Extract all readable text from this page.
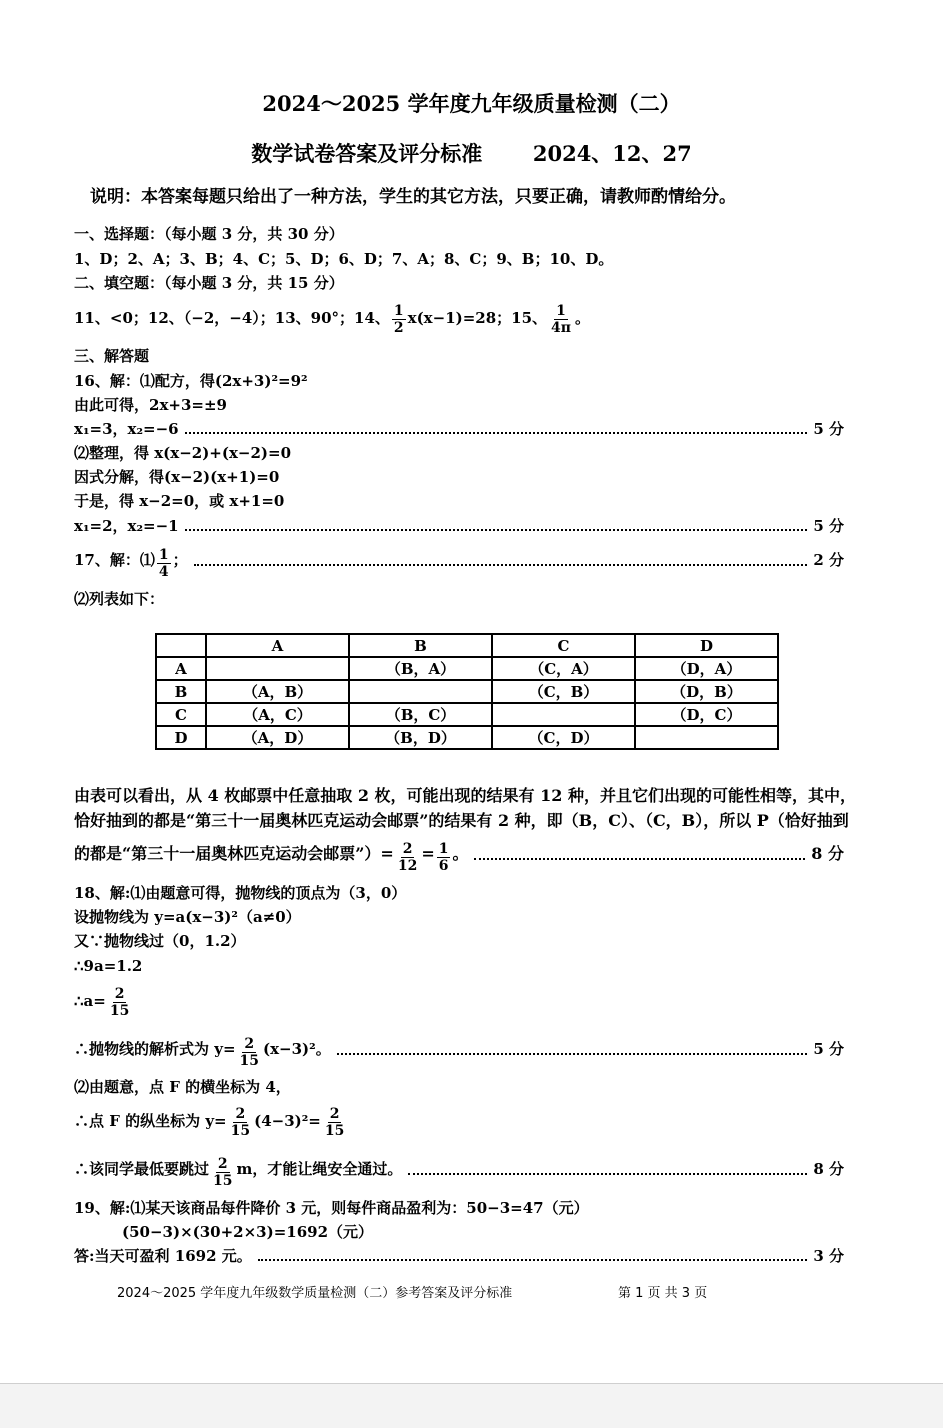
2024～2025 学年度九年级质量检测（二）
数学试卷答案及评分标准 2024、12、27
说明：本答案每题只给出了一种方法，学生的其它方法，只要正确，请教师酌情给分。
一、选择题：（每小题 3 分，共 30 分）
1、D；2、A；3、B；4、C；5、D；6、D；7、A；8、C；9、B；10、D。
二、填空题：（每小题 3 分，共 15 分）
11、<0；12、（−2，−4）；13、90°；14、 $\frac{1}{2} x(x-1)=28$；15、 $\frac{1}{4\pi}$ 。
三、解答题
16、解：⑴配方，得(2x+3)²=9²
由此可得，2x+3=±9
x₁=3，x₂=−6	5 分
⑵整理，得 x(x−2)+(x−2)=0
因式分解，得(x−2)(x+1)=0
于是，得 x−2=0，或 x+1=0
x₁=2，x₂=−1	5 分
17、解：⑴ $\frac{1}{4}$ ；	2 分
⑵列表如下：
	A	B	C	D
A		（B，A）	（C，A）	（D，A）
B	（A，B）		（C，B）	（D，B）
C	（A，C）	（B，C）		（D，C）
D	（A，D）	（B，D）	（C，D）	
由表可以看出，从 4 枚邮票中任意抽取 2 枚，可能出现的结果有 12 种，并且它们出现的可能性相等，其中，
恰好抽到的都是“第三十一届奥林匹克运动会邮票”的结果有 2 种，即（B，C）、（C，B），所以 P（恰好抽到
的都是“第三十一届奥林匹克运动会邮票”）= $\frac{2}{12} = \frac{1}{6}$ 。	8 分
18、解:⑴由题意可得，抛物线的顶点为（3，0）
设抛物线为 y=a(x−3)²（a≠0）
又∵抛物线过（0，1.2）
∴9a=1.2
∴a= $\frac{2}{15}$
∴抛物线的解析式为 $y= \frac{2}{15} (x-3)^2$。	5 分
⑵由题意，点 F 的横坐标为 4，
∴点 F 的纵坐标为 $y= \frac{2}{15} (4-3)^2= \frac{2}{15}$
∴该同学最低要跳过 $\frac{2}{15}$ m，才能让绳安全通过。	8 分
19、解:⑴某天该商品每件降价 3 元，则每件商品盈利为：50−3=47（元）
(50−3)×(30+2×3)=1692（元）
答:当天可盈利 1692 元。	3 分
2024～2025 学年度九年级数学质量检测（二）参考答案及评分标准	第 1 页 共 3 页
